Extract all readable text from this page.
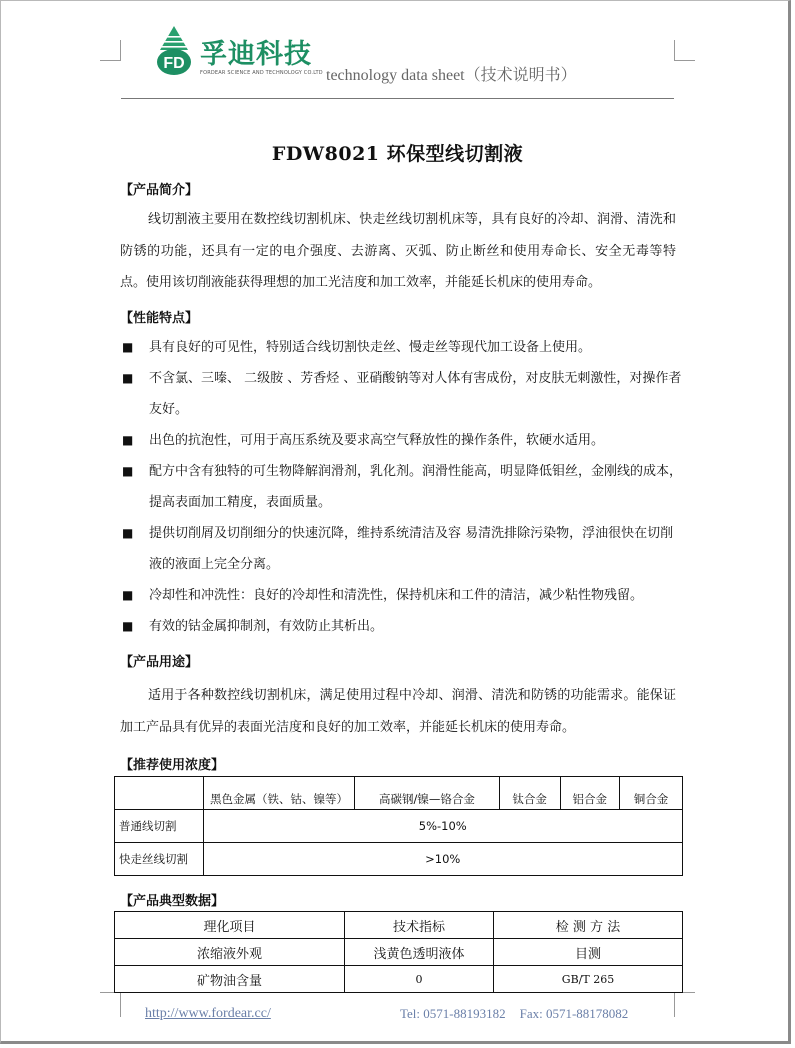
FD 孚迪科技
FORDEAR SCIENCE AND TECHNOLOGY CO.LTD technology data sheet（技术说明书）
FDW8021 环保型线切割液
【产品简介】
线切割液主要用在数控线切割机床、快走丝线切割机床等，具有良好的冷却、润滑、清洗和防锈的功能，还具有一定的电介强度、去游离、灭弧、防止断丝和使用寿命长、安全无毒等特点。使用该切削液能获得理想的加工光洁度和加工效率，并能延长机床的使用寿命。
【性能特点】
■ 具有良好的可见性，特别适合线切割快走丝、慢走丝等现代加工设备上使用。
■ 不含氯、三嗪、 二级胺 、芳香烃 、亚硝酸钠等对人体有害成份，对皮肤无刺激性，对操作者友好。
■ 出色的抗泡性，可用于高压系统及要求高空气释放性的操作条件，软硬水适用。
■ 配方中含有独特的可生物降解润滑剂，乳化剂。润滑性能高，明显降低钼丝，金刚线的成本，提高表面加工精度，表面质量。
■ 提供切削屑及切削细分的快速沉降，维持系统清洁及容 易清洗排除污染物，浮油很快在切削液的液面上完全分离。
■ 冷却性和冲洗性：良好的冷却性和清洗性，保持机床和工件的清洁，减少粘性物残留。
■ 有效的钴金属抑制剂，有效防止其析出。
【产品用途】
适用于各种数控线切割机床，满足使用过程中冷却、润滑、清洗和防锈的功能需求。能保证加工产品具有优异的表面光洁度和良好的加工效率，并能延长机床的使用寿命。
【推荐使用浓度】
	黑色金属（铁、钴、镍等）	高碳钢/镍—铬合金	钛合金	铝合金	铜合金
普通线切割	5%-10%				
快走丝线切割	>10%				
【产品典型数据】
理化项目	技术指标	检 测 方 法
浓缩液外观	浅黄色透明液体	目测
矿物油含量	0	GB/T 265
http://www.fordear.cc/	Tel: 0571-88193182 Fax: 0571-88178082
